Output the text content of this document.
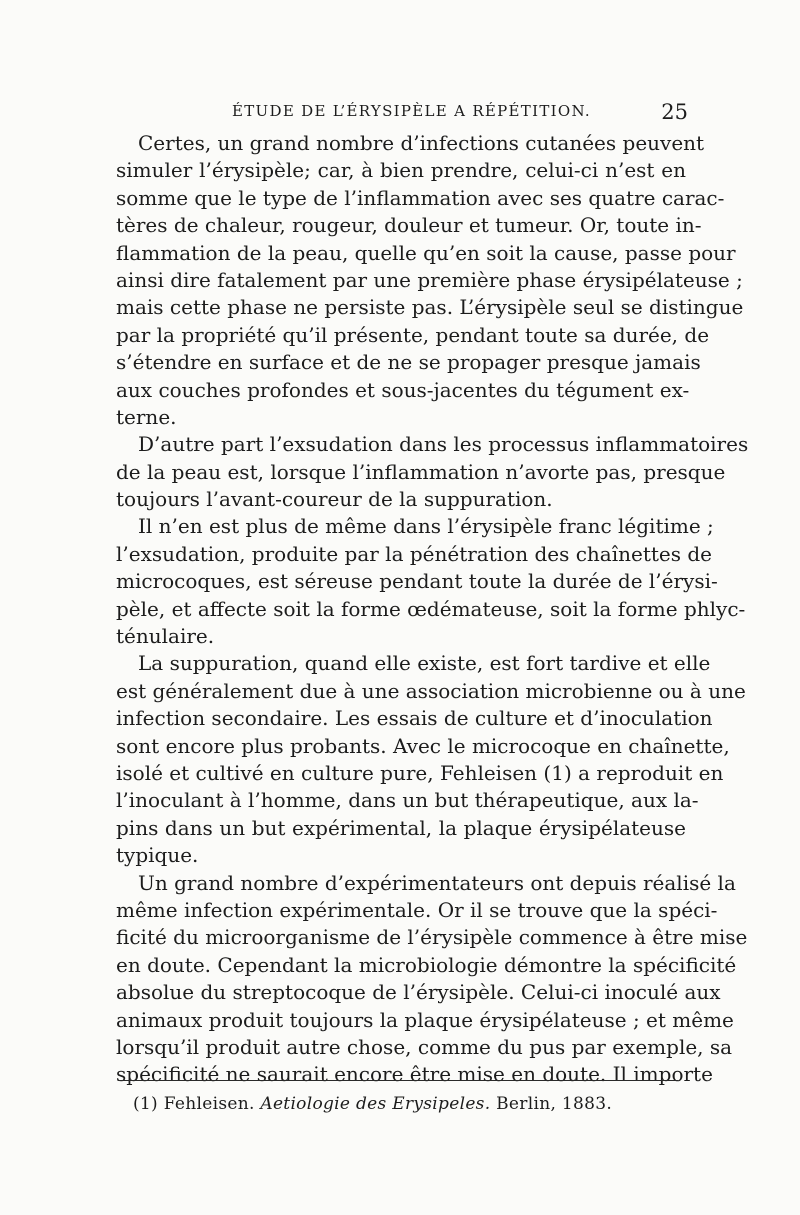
ÉTUDE DE L’ÉRYSIPÈLE A RÉPÉTITION.	25
Certes, un grand nombre d’infections cutanées peuvent
simuler l’érysipèle; car, à bien prendre, celui-ci n’est en
somme que le type de l’inflammation avec ses quatre carac-
tères de chaleur, rougeur, douleur et tumeur. Or, toute in-
flammation de la peau, quelle qu’en soit la cause, passe pour
ainsi dire fatalement par une première phase érysipélateuse ;
mais cette phase ne persiste pas. L’érysipèle seul se distingue
par la propriété qu’il présente, pendant toute sa durée, de
s’étendre en surface et de ne se propager presque jamais
aux couches profondes et sous-jacentes du tégument ex-
terne.
D’autre part l’exsudation dans les processus inflammatoires
de la peau est, lorsque l’inflammation n’avorte pas, presque
toujours l’avant-coureur de la suppuration.
Il n’en est plus de même dans l’érysipèle franc légitime ;
l’exsudation, produite par la pénétration des chaînettes de
microcoques, est séreuse pendant toute la durée de l’érysi-
pèle, et affecte soit la forme œdémateuse, soit la forme phlyc-
ténulaire.
La suppuration, quand elle existe, est fort tardive et elle
est généralement due à une association microbienne ou à une
infection secondaire. Les essais de culture et d’inoculation
sont encore plus probants. Avec le microcoque en chaînette,
isolé et cultivé en culture pure, Fehleisen (1) a reproduit en
l’inoculant à l’homme, dans un but thérapeutique, aux la-
pins dans un but expérimental, la plaque érysipélateuse
typique.
Un grand nombre d’expérimentateurs ont depuis réalisé la
même infection expérimentale. Or il se trouve que la spéci-
ficité du microorganisme de l’érysipèle commence à être mise
en doute. Cependant la microbiologie démontre la spécificité
absolue du streptocoque de l’érysipèle. Celui-ci inoculé aux
animaux produit toujours la plaque érysipélateuse ; et même
lorsqu’il produit autre chose, comme du pus par exemple, sa
spécificité ne saurait encore être mise en doute. Il importe
(1) Fehleisen. Aetiologie des Erysipeles. Berlin, 1883.
